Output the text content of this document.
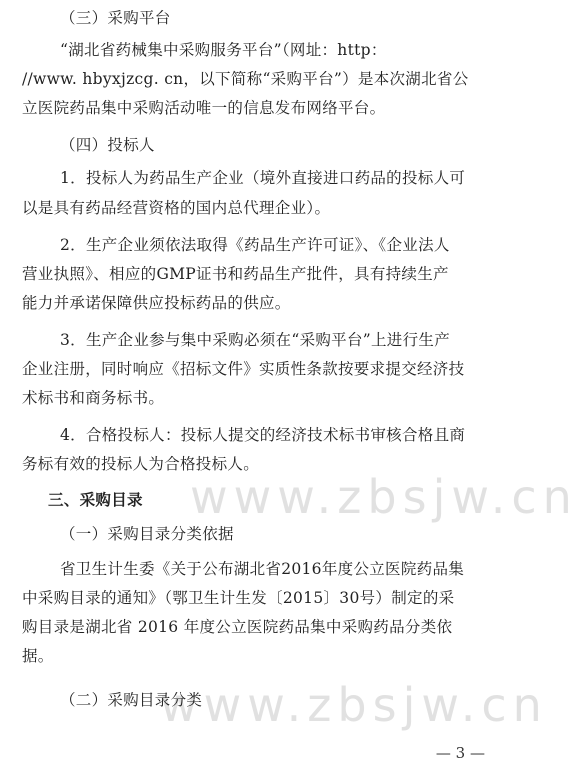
www.zbsjw.cn
www.zbsjw.cn
（三）采购平台
“湖北省药械集中采购服务平台”（网址：http：
//www. hbyxjzcg. cn，以下简称“采购平台”）是本次湖北省公
立医院药品集中采购活动唯一的信息发布网络平台。
（四）投标人
1．投标人为药品生产企业（境外直接进口药品的投标人可
以是具有药品经营资格的国内总代理企业）。
2．生产企业须依法取得《药品生产许可证》、《企业法人
营业执照》、相应的GMP证书和药品生产批件，具有持续生产
能力并承诺保障供应投标药品的供应。
3．生产企业参与集中采购必须在“采购平台”上进行生产
企业注册，同时响应《招标文件》实质性条款按要求提交经济技
术标书和商务标书。
4．合格投标人：投标人提交的经济技术标书审核合格且商
务标有效的投标人为合格投标人。
三、采购目录
（一）采购目录分类依据
省卫生计生委《关于公布湖北省2016年度公立医院药品集
中采购目录的通知》（鄂卫生计生发〔2015〕30号）制定的采
购目录是湖北省 2016 年度公立医院药品集中采购药品分类依
据。
（二）采购目录分类
— 3 —
